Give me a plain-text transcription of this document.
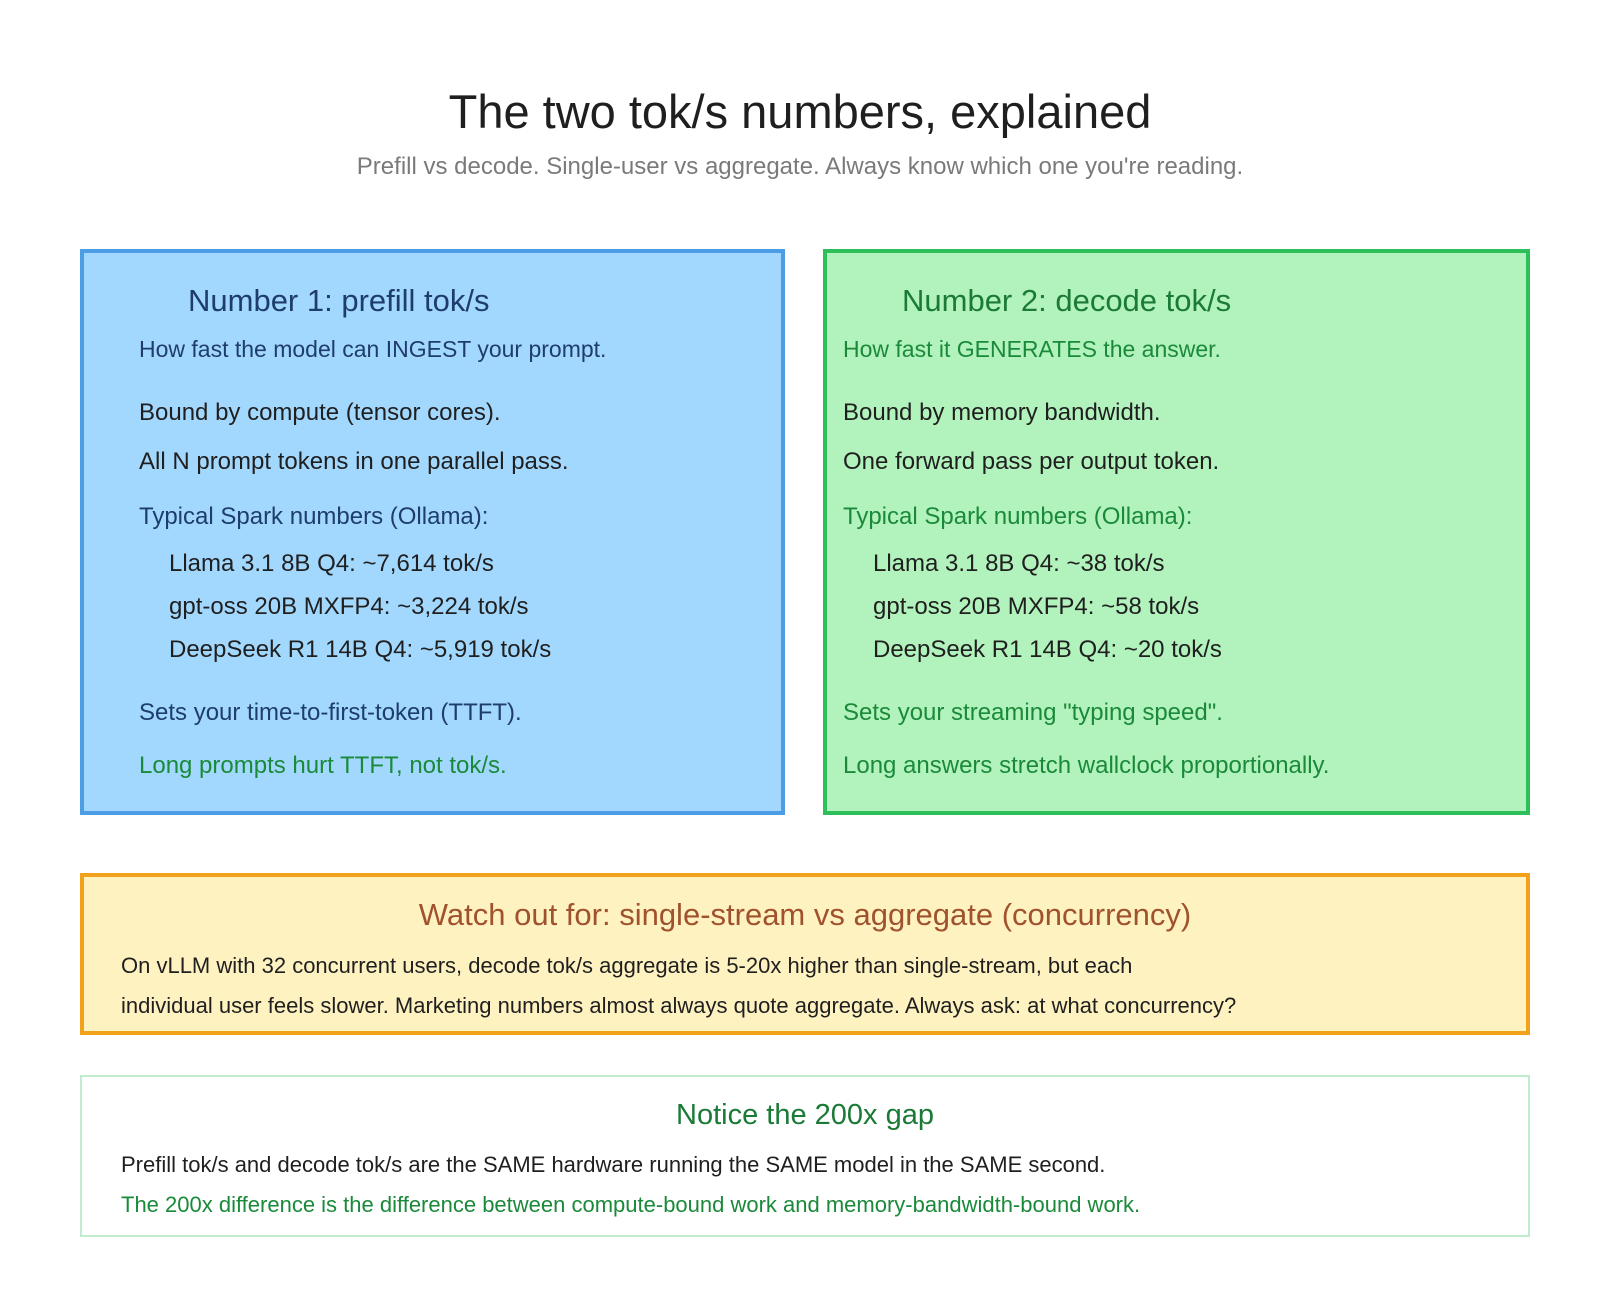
The two tok/s numbers, explained
Prefill vs decode. Single-user vs aggregate. Always know which one you're reading.
Number 1: prefill tok/s
How fast the model can INGEST your prompt.
Bound by compute (tensor cores).
All N prompt tokens in one parallel pass.
Typical Spark numbers (Ollama):
Llama 3.1 8B Q4: ~7,614 tok/s
gpt-oss 20B MXFP4: ~3,224 tok/s
DeepSeek R1 14B Q4: ~5,919 tok/s
Sets your time-to-first-token (TTFT).
Long prompts hurt TTFT, not tok/s.
Number 2: decode tok/s
How fast it GENERATES the answer.
Bound by memory bandwidth.
One forward pass per output token.
Typical Spark numbers (Ollama):
Llama 3.1 8B Q4: ~38 tok/s
gpt-oss 20B MXFP4: ~58 tok/s
DeepSeek R1 14B Q4: ~20 tok/s
Sets your streaming "typing speed".
Long answers stretch wallclock proportionally.
Watch out for: single-stream vs aggregate (concurrency)
On vLLM with 32 concurrent users, decode tok/s aggregate is 5-20x higher than single-stream, but each
individual user feels slower. Marketing numbers almost always quote aggregate. Always ask: at what concurrency?
Notice the 200x gap
Prefill tok/s and decode tok/s are the SAME hardware running the SAME model in the SAME second.
The 200x difference is the difference between compute-bound work and memory-bandwidth-bound work.
